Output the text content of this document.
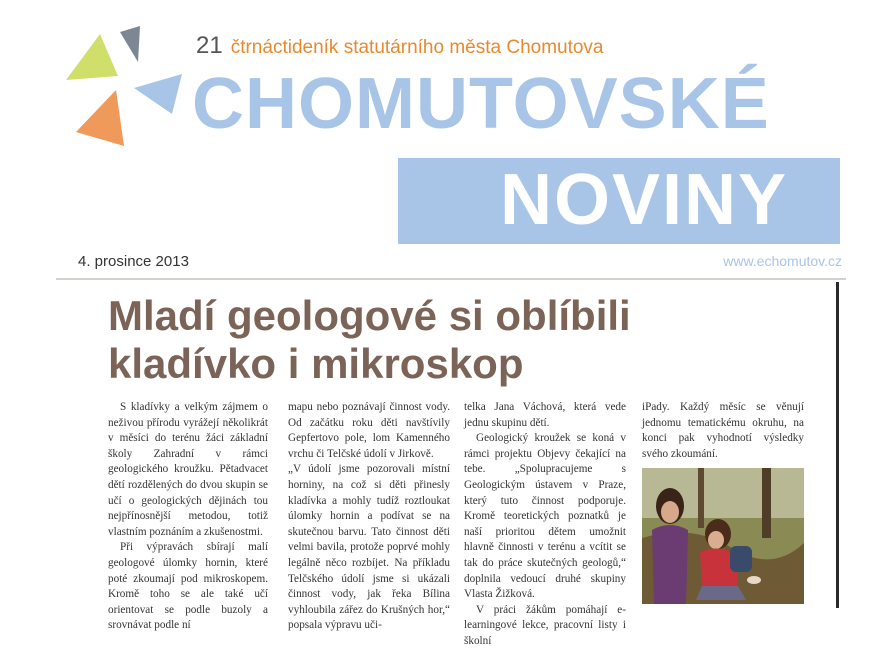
21 čtrnáctideník statutárního města Chomutova
CHOMUTOVSKÉ
NOVINY
4. prosince 2013	www.echomutov.cz
Mladí geologové si oblíbili
kladívko i mikroskop

S kladívky a velkým zájmem o neživou přírodu vyrážejí několikrát v měsíci do terénu žáci základní školy Zahradní v rámci geologického kroužku. Pětadvacet dětí rozdělených do dvou skupin se učí o geologických dějinách tou nejpřínosnější metodou, totiž vlastním poznáním a zkušenostmi.

Při výpravách sbírají malí geologové úlomky hornin, které poté zkoumají pod mikroskopem. Kromě toho se ale také učí orientovat se podle buzoly a srovnávat podle ní

mapu nebo poznávají činnost vody. Od začátku roku děti navštívily Gepfertovo pole, lom Kamenného vrchu či Telčské údolí v Jirkově.

„V údolí jsme pozorovali místní horniny, na což si děti přinesly kladívka a mohly tudíž roztloukat úlomky hornin a podívat se na skutečnou barvu. Tato činnost děti velmi bavila, protože poprvé mohly legálně něco rozbíjet. Na příkladu Telčského údolí jsme si ukázali činnost vody, jak řeka Bílina vyhloubila zářez do Krušných hor,“ popsala výpravu uči-

telka Jana Váchová, která vede jednu skupinu dětí.

Geologický kroužek se koná v rámci projektu Objevy čekající na tebe. „Spolupracujeme s Geologickým ústavem v Praze, který tuto činnost podporuje. Kromě teoretických poznatků je naší prioritou dětem umožnit hlavně činnosti v terénu a vcítit se tak do práce skutečných geologů,“ doplnila vedoucí druhé skupiny Vlasta Žižková.

V práci žákům pomáhají e-learningové lekce, pracovní listy i školní

iPady. Každý měsíc se věnují jednomu tematickému okruhu, na konci pak vyhodnotí výsledky svého zkoumání.
